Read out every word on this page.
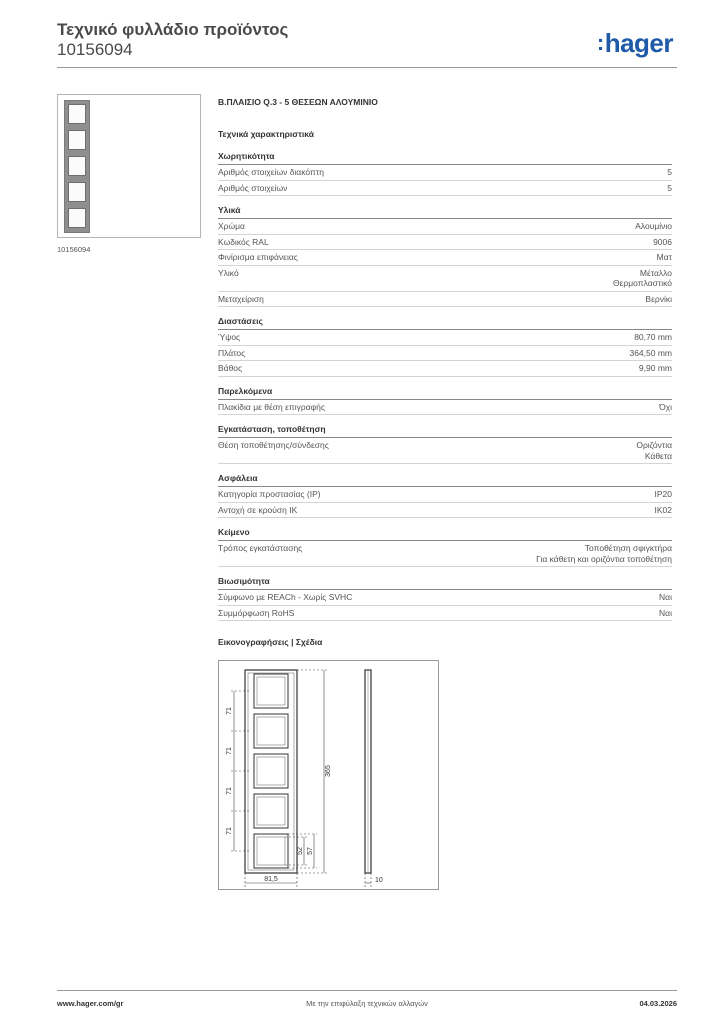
Τεχνικό φυλλάδιο προϊόντος
10156094	:hager
10156094
Β.ΠΛΑΙΣΙΟ Q.3 - 5 ΘΕΣΕΩΝ ΑΛΟΥΜΙΝΙΟ
Τεχνικά χαρακτηριστικά
Χωρητικότητα
Αριθμός στοιχείων διακόπτη	5
Αριθμός στοιχείων	5
Υλικά
Χρώμα	Αλουμίνιο
Κωδικός RAL	9006
Φινίρισμα επιφάνειας	Ματ
Υλικό	Μέταλλο
Θερμοπλαστικό
Μεταχείριση	Βερνίκι
Διαστάσεις
Ύψος	80,70 mm
Πλάτος	364,50 mm
Βάθος	9,90 mm
Παρελκόμενα
Πλακίδια με θέση επιγραφής	Όχι
Εγκατάσταση, τοποθέτηση
Θέση τοποθέτησης/σύνδεσης	Οριζόντια
Κάθετα
Ασφάλεια
Κατηγορία προστασίας (IP)	IP20
Αντοχή σε κρούση IK	IK02
Κείμενο
Τρόπος εγκατάστασης	Τοποθέτηση σφιγκτήρα
Για κάθετη και οριζόντια τοποθέτηση
Βιωσιμότητα
Σύμφωνο με REACh - Χωρίς SVHC	Ναι
Συμμόρφωση RoHS	Ναι
Εικονογραφήσεις | Σχέδια
71
71
71
71
365
52 57
81,5	10
Με την επιφύλαξη τεχνικών αλλαγών
www.hager.com/gr	04.03.2026
